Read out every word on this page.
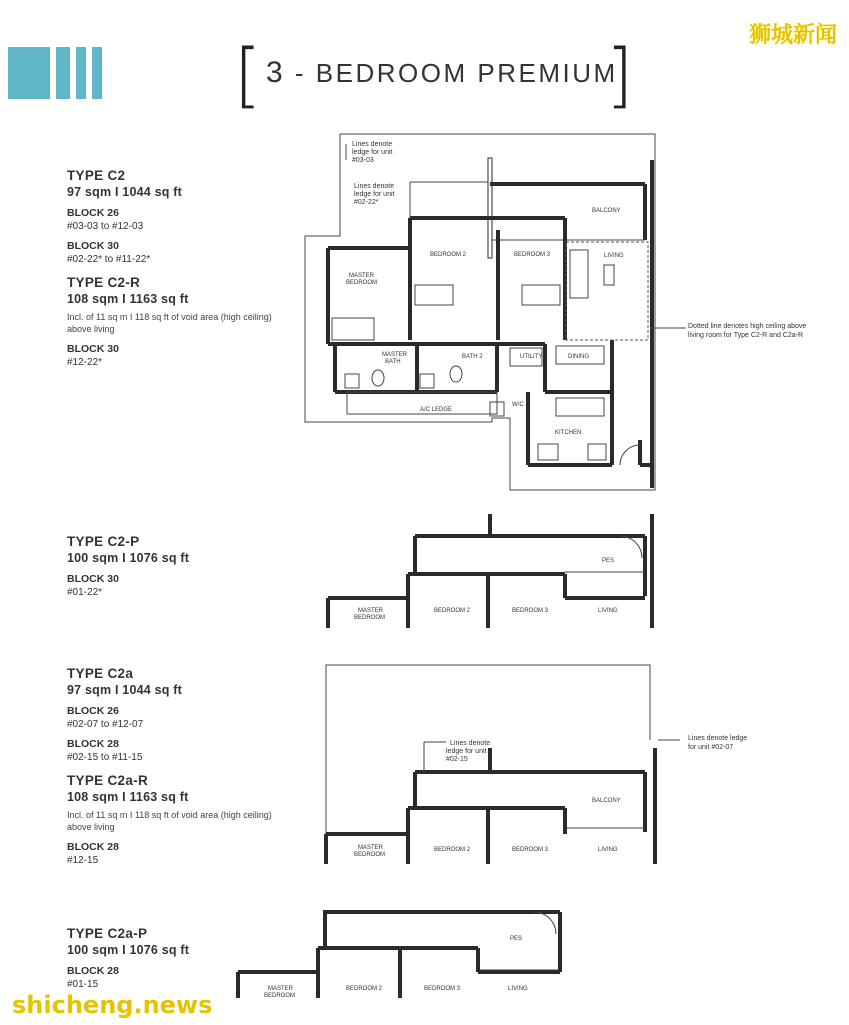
[ 3 - BEDROOM PREMIUM
]	狮城新闻
shicheng.news
TYPE C2
97 sqm I 1044 sq ft
BLOCK 26
#03-03 to #12-03
BLOCK 30
#02-22* to #11-22*
TYPE C2-R
108 sqm I 1163 sq ft
Incl. of 11 sq m I 118 sq ft of void area (high ceiling) above living
BLOCK 30
#12-22*
TYPE C2-P
100 sqm I 1076 sq ft
BLOCK 30
#01-22*
TYPE C2a
97 sqm I 1044 sq ft
BLOCK 26
#02-07 to #12-07
BLOCK 28
#02-15 to #11-15
TYPE C2a-R
108 sqm I 1163 sq ft
Incl. of 11 sq m I 118 sq ft of void area (high ceiling) above living
BLOCK 28
#12-15
TYPE C2a-P
100 sqm I 1076 sq ft
BLOCK 28
#01-15
Lines denote
ledge for unit
#03-03
Lines denote
ledge for unit
#02-22*
Dotted line denotes high ceiling above
living room for Type C2-R and C2a-R
BALCONY
LIVING
BEDROOM 2	BEDROOM 3
MASTER
BEDROOM
MASTER
BATH
BATH 2	UTILITY	DINING
W/C
A/C LEDGE
KITCHEN
PES
MASTER
BEDROOM
BEDROOM 2	BEDROOM 3	LIVING
Lines denote ledge
for unit #02-07
Lines denote
ledge for unit
#02-15
BALCONY
MASTER
BEDROOM
BEDROOM 2	BEDROOM 3	LIVING
PES
MASTER
BEDROOM
BEDROOM 2	BEDROOM 3	LIVING
